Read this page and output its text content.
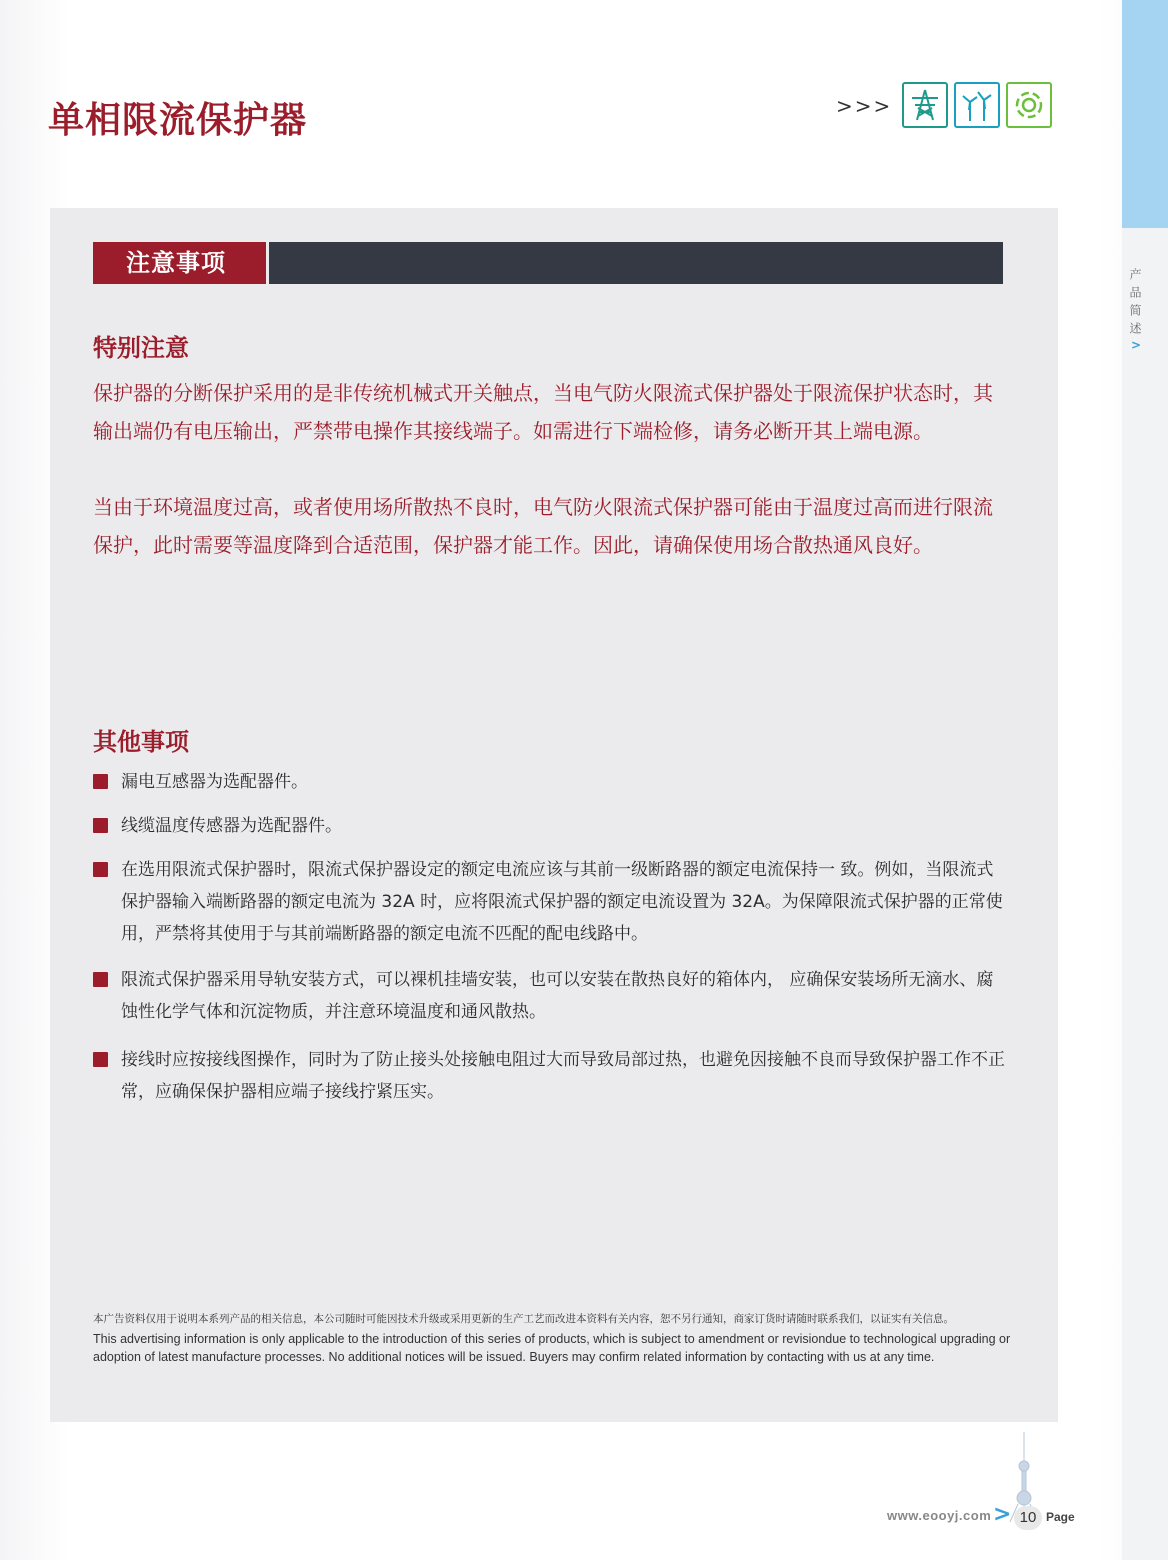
产品简述
>
单相限流保护器	>>>
注意事项
特别注意

保护器的分断保护采用的是非传统机械式开关触点，当电气防火限流式保护器处于限流保护状态时，其输出端仍有电压输出，严禁带电操作其接线端子。如需进行下端检修，请务必断开其上端电源。

当由于环境温度过高，或者使用场所散热不良时，电气防火限流式保护器可能由于温度过高而进行限流保护，此时需要等温度降到合适范围，保护器才能工作。因此，请确保使用场合散热通风良好。

其他事项
漏电互感器为选配器件。
线缆温度传感器为选配器件。
在选用限流式保护器时，限流式保护器设定的额定电流应该与其前一级断路器的额定电流保持一 致。例如，当限流式保护器输入端断路器的额定电流为 32A 时，应将限流式保护器的额定电流设置为 32A。为保障限流式保护器的正常使用，严禁将其使用于与其前端断路器的额定电流不匹配的配电线路中。
限流式保护器采用导轨安装方式，可以裸机挂墙安装，也可以安装在散热良好的箱体内， 应确保安装场所无滴水、腐蚀性化学气体和沉淀物质，并注意环境温度和通风散热。
接线时应按接线图操作，同时为了防止接头处接触电阻过大而导致局部过热，也避免因接触不良而导致保护器工作不正常，应确保保护器相应端子接线拧紧压实。
本广告资料仅用于说明本系列产品的相关信息，本公司随时可能因技术升级或采用更新的生产工艺而改进本资料有关内容，恕不另行通知，商家订货时请随时联系我们，以证实有关信息。
This advertising information is only applicable to the introduction of this series of products, which is subject to amendment or revisiondue to technological upgrading or adoption of latest manufacture processes. No additional notices will be issued. Buyers may confirm related information by contacting with us at any time.
www.eooyj.com > 10 Page
